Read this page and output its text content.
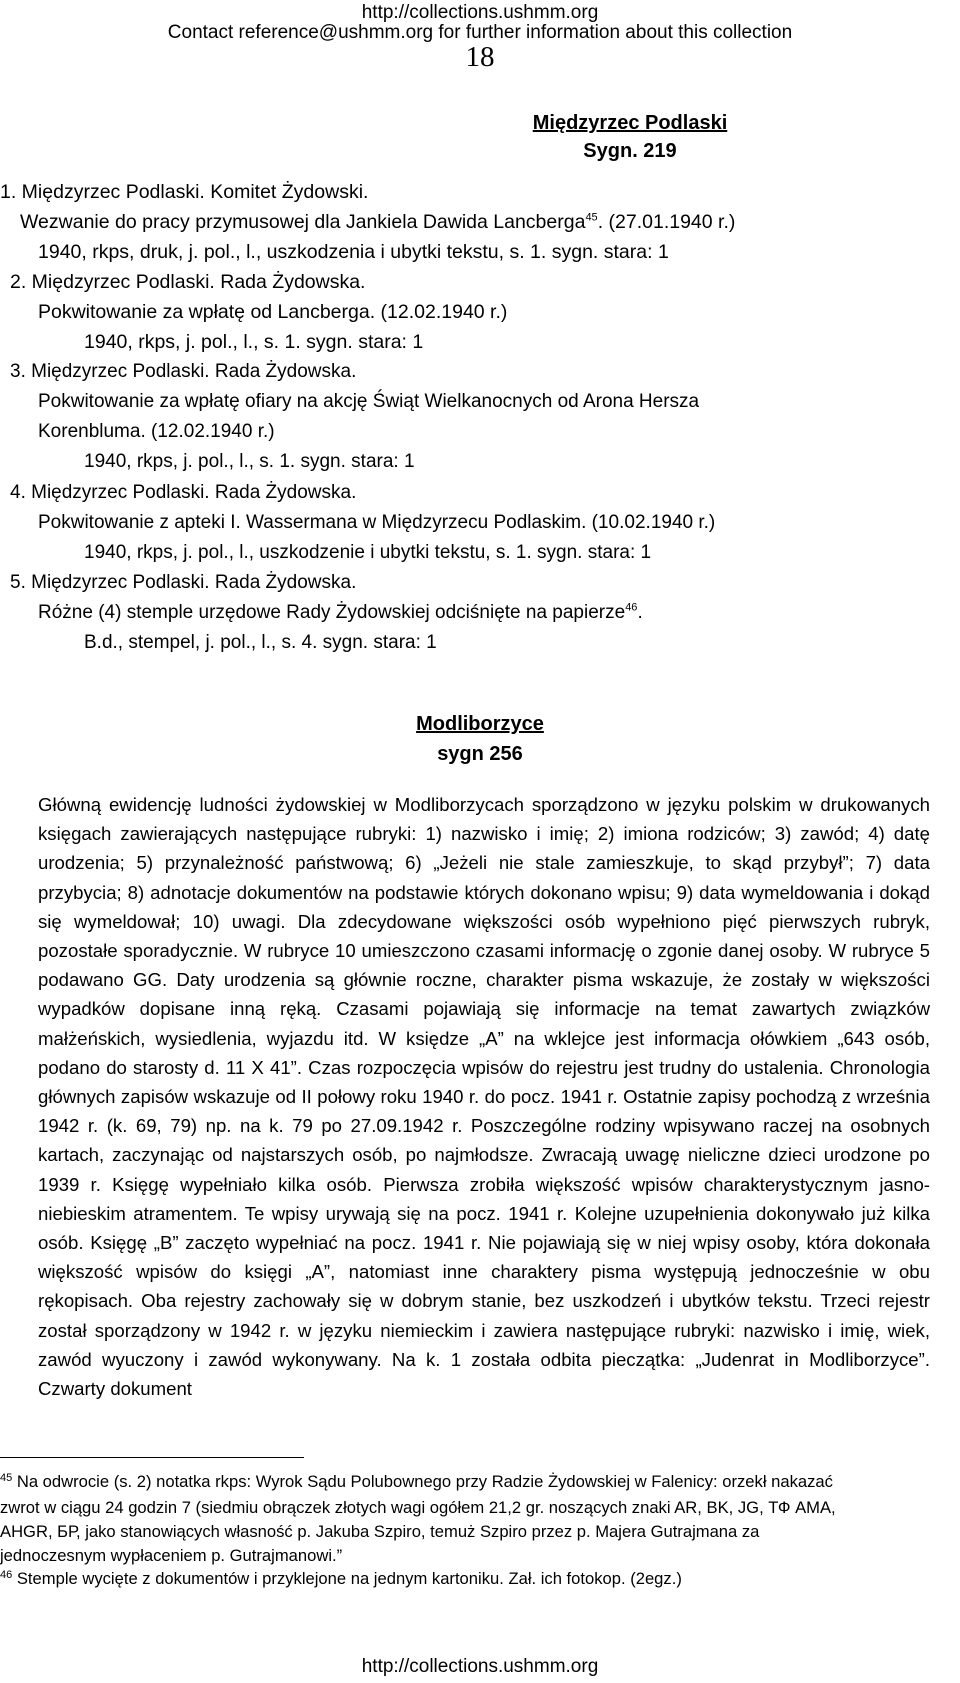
http://collections.ushmm.org
Contact reference@ushmm.org for further information about this collection
18
Międzyrzec Podlaski
Sygn. 219
1. Międzyrzec Podlaski. Komitet Żydowski.
Wezwanie do pracy przymusowej dla Jankiela Dawida Lancberga$^{45}$. (27.01.1940 r.)
1940, rkps, druk, j. pol., l., uszkodzenia i ubytki tekstu, s. 1. sygn. stara: 1
2. Międzyrzec Podlaski. Rada Żydowska.
Pokwitowanie za wpłatę od Lancberga. (12.02.1940 r.)
1940, rkps, j. pol., l., s. 1. sygn. stara: 1
3. Międzyrzec Podlaski. Rada Żydowska.
Pokwitowanie za wpłatę ofiary na akcję Świąt Wielkanocnych od Arona Hersza
Korenbluma. (12.02.1940 r.)
1940, rkps, j. pol., l., s. 1. sygn. stara: 1
4. Międzyrzec Podlaski. Rada Żydowska.
Pokwitowanie z apteki I. Wassermana w Międzyrzecu Podlaskim. (10.02.1940 r.)
1940, rkps, j. pol., l., uszkodzenie i ubytki tekstu, s. 1. sygn. stara: 1
5. Międzyrzec Podlaski. Rada Żydowska.
Różne (4) stemple urzędowe Rady Żydowskiej odciśnięte na papierze$^{46}$.
B.d., stempel, j. pol., l., s. 4. sygn. stara: 1
Modliborzyce
sygn 256
Główną ewidencję ludności żydowskiej w Modliborzycach sporządzono w języku polskim w drukowanych księgach zawierających następujące rubryki: 1) nazwisko i imię; 2) imiona rodziców; 3) zawód; 4) datę urodzenia; 5) przynależność państwową; 6) „Jeżeli nie stale zamieszkuje, to skąd przybył”; 7) data przybycia; 8) adnotacje dokumentów na podstawie których dokonano wpisu; 9) data wymeldowania i dokąd się wymeldował; 10) uwagi. Dla zdecydowane większości osób wypełniono pięć pierwszych rubryk, pozostałe sporadycznie. W rubryce 10 umieszczono czasami informację o zgonie danej osoby. W rubryce 5 podawano GG. Daty urodzenia są głównie roczne, charakter pisma wskazuje, że zostały w większości wypadków dopisane inną ręką. Czasami pojawiają się informacje na temat zawartych związków małżeńskich, wysiedlenia, wyjazdu itd. W księdze „A” na wklejce jest informacja ołówkiem „643 osób, podano do starosty d. 11 X 41”. Czas rozpoczęcia wpisów do rejestru jest trudny do ustalenia. Chronologia głównych zapisów wskazuje od II połowy roku 1940 r. do pocz. 1941 r. Ostatnie zapisy pochodzą z września 1942 r. (k. 69, 79) np. na k. 79 po 27.09.1942 r. Poszczególne rodziny wpisywano raczej na osobnych kartach, zaczynając od najstarszych osób, po najmłodsze. Zwracają uwagę nieliczne dzieci urodzone po 1939 r. Księgę wypełniało kilka osób. Pierwsza zrobiła większość wpisów charakterystycznym jasno-niebieskim atramentem. Te wpisy urywają się na pocz. 1941 r. Kolejne uzupełnienia dokonywało już kilka osób. Księgę „B” zaczęto wypełniać na pocz. 1941 r. Nie pojawiają się w niej wpisy osoby, która dokonała większość wpisów do księgi „A”, natomiast inne charaktery pisma występują jednocześnie w obu rękopisach. Oba rejestry zachowały się w dobrym stanie, bez uszkodzeń i ubytków tekstu. Trzeci rejestr został sporządzony w 1942 r. w języku niemieckim i zawiera następujące rubryki: nazwisko i imię, wiek, zawód wyuczony i zawód wykonywany. Na k. 1 została odbita pieczątka: „Judenrat in Modliborzyce”. Czwarty dokument
$^{45}$ Na odwrocie (s. 2) notatka rkps: Wyrok Sądu Polubownego przy Radzie Żydowskiej w Falenicy: orzekł nakazać
zwrot w ciągu 24 godzin 7 (siedmiu obrączek złotych wagi ogółem 21,2 gr. noszących znaki AR, BK, JG, ТФ AMA,
AHGR, БР, jako stanowiących własność p. Jakuba Szpiro, temuż Szpiro przez p. Majera Gutrajmana za
jednoczesnym wypłaceniem p. Gutrajmanowi.”
$^{46}$ Stemple wycięte z dokumentów i przyklejone na jednym kartoniku. Zał. ich fotokop. (2egz.)
http://collections.ushmm.org
